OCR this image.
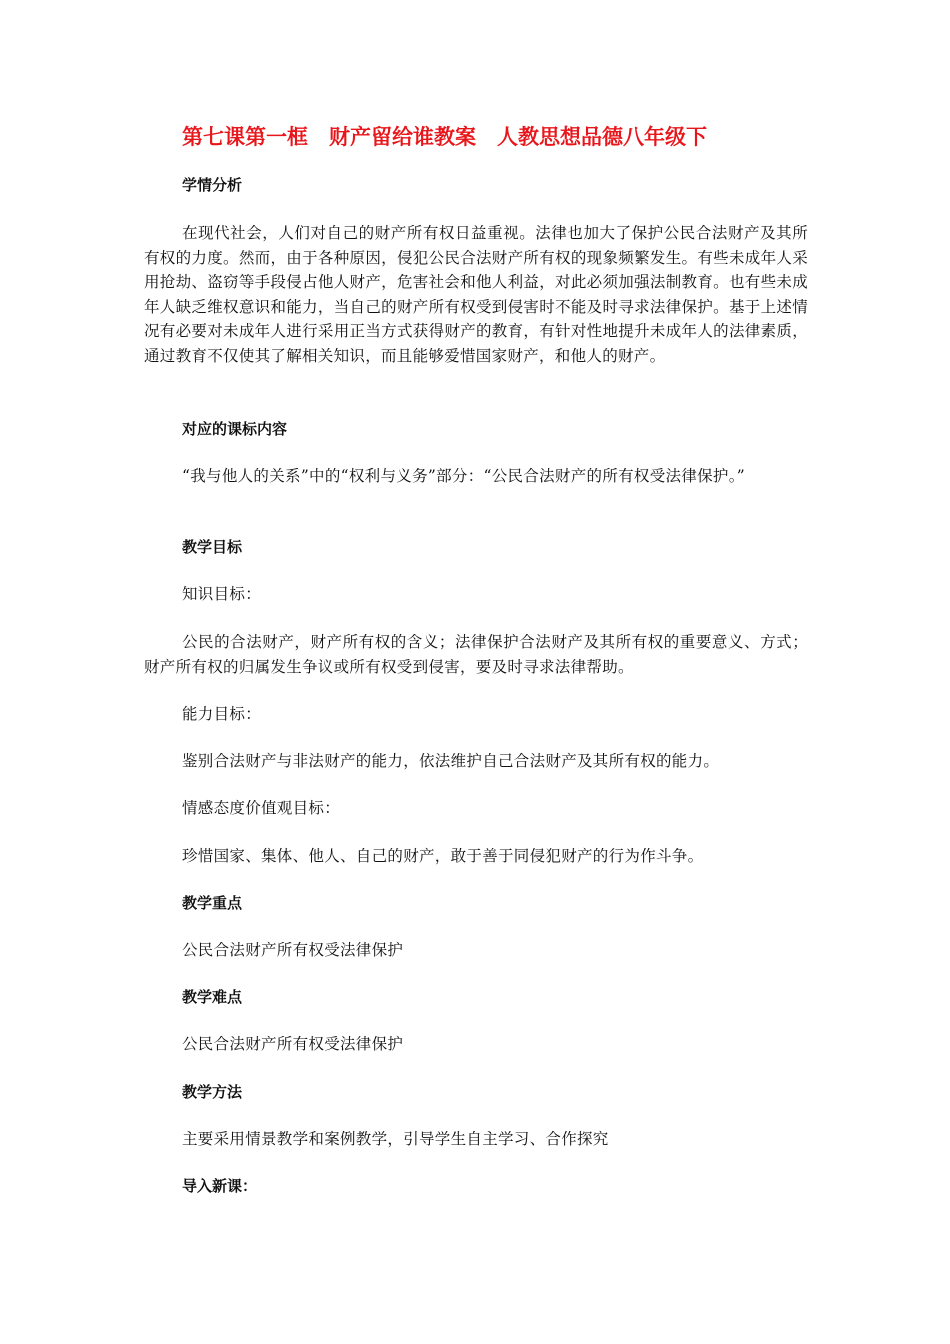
第七课第一框　财产留给谁教案　人教思想品德八年级下
学情分析
在现代社会，人们对自己的财产所有权日益重视。法律也加大了保护公民合法财产及其所有权的力度。然而，由于各种原因，侵犯公民合法财产所有权的现象频繁发生。有些未成年人采用抢劫、盗窃等手段侵占他人财产，危害社会和他人利益，对此必须加强法制教育。也有些未成年人缺乏维权意识和能力，当自己的财产所有权受到侵害时不能及时寻求法律保护。基于上述情况有必要对未成年人进行采用正当方式获得财产的教育，有针对性地提升未成年人的法律素质，通过教育不仅使其了解相关知识，而且能够爱惜国家财产，和他人的财产。
对应的课标内容
“我与他人的关系”中的“权利与义务”部分：“公民合法财产的所有权受法律保护。”
教学目标
知识目标：
公民的合法财产，财产所有权的含义；法律保护合法财产及其所有权的重要意义、方式；财产所有权的归属发生争议或所有权受到侵害，要及时寻求法律帮助。
能力目标：
鉴别合法财产与非法财产的能力，依法维护自己合法财产及其所有权的能力。
情感态度价值观目标：
珍惜国家、集体、他人、自己的财产，敢于善于同侵犯财产的行为作斗争。
教学重点
公民合法财产所有权受法律保护
教学难点
公民合法财产所有权受法律保护
教学方法
主要采用情景教学和案例教学，引导学生自主学习、合作探究
导入新课：
